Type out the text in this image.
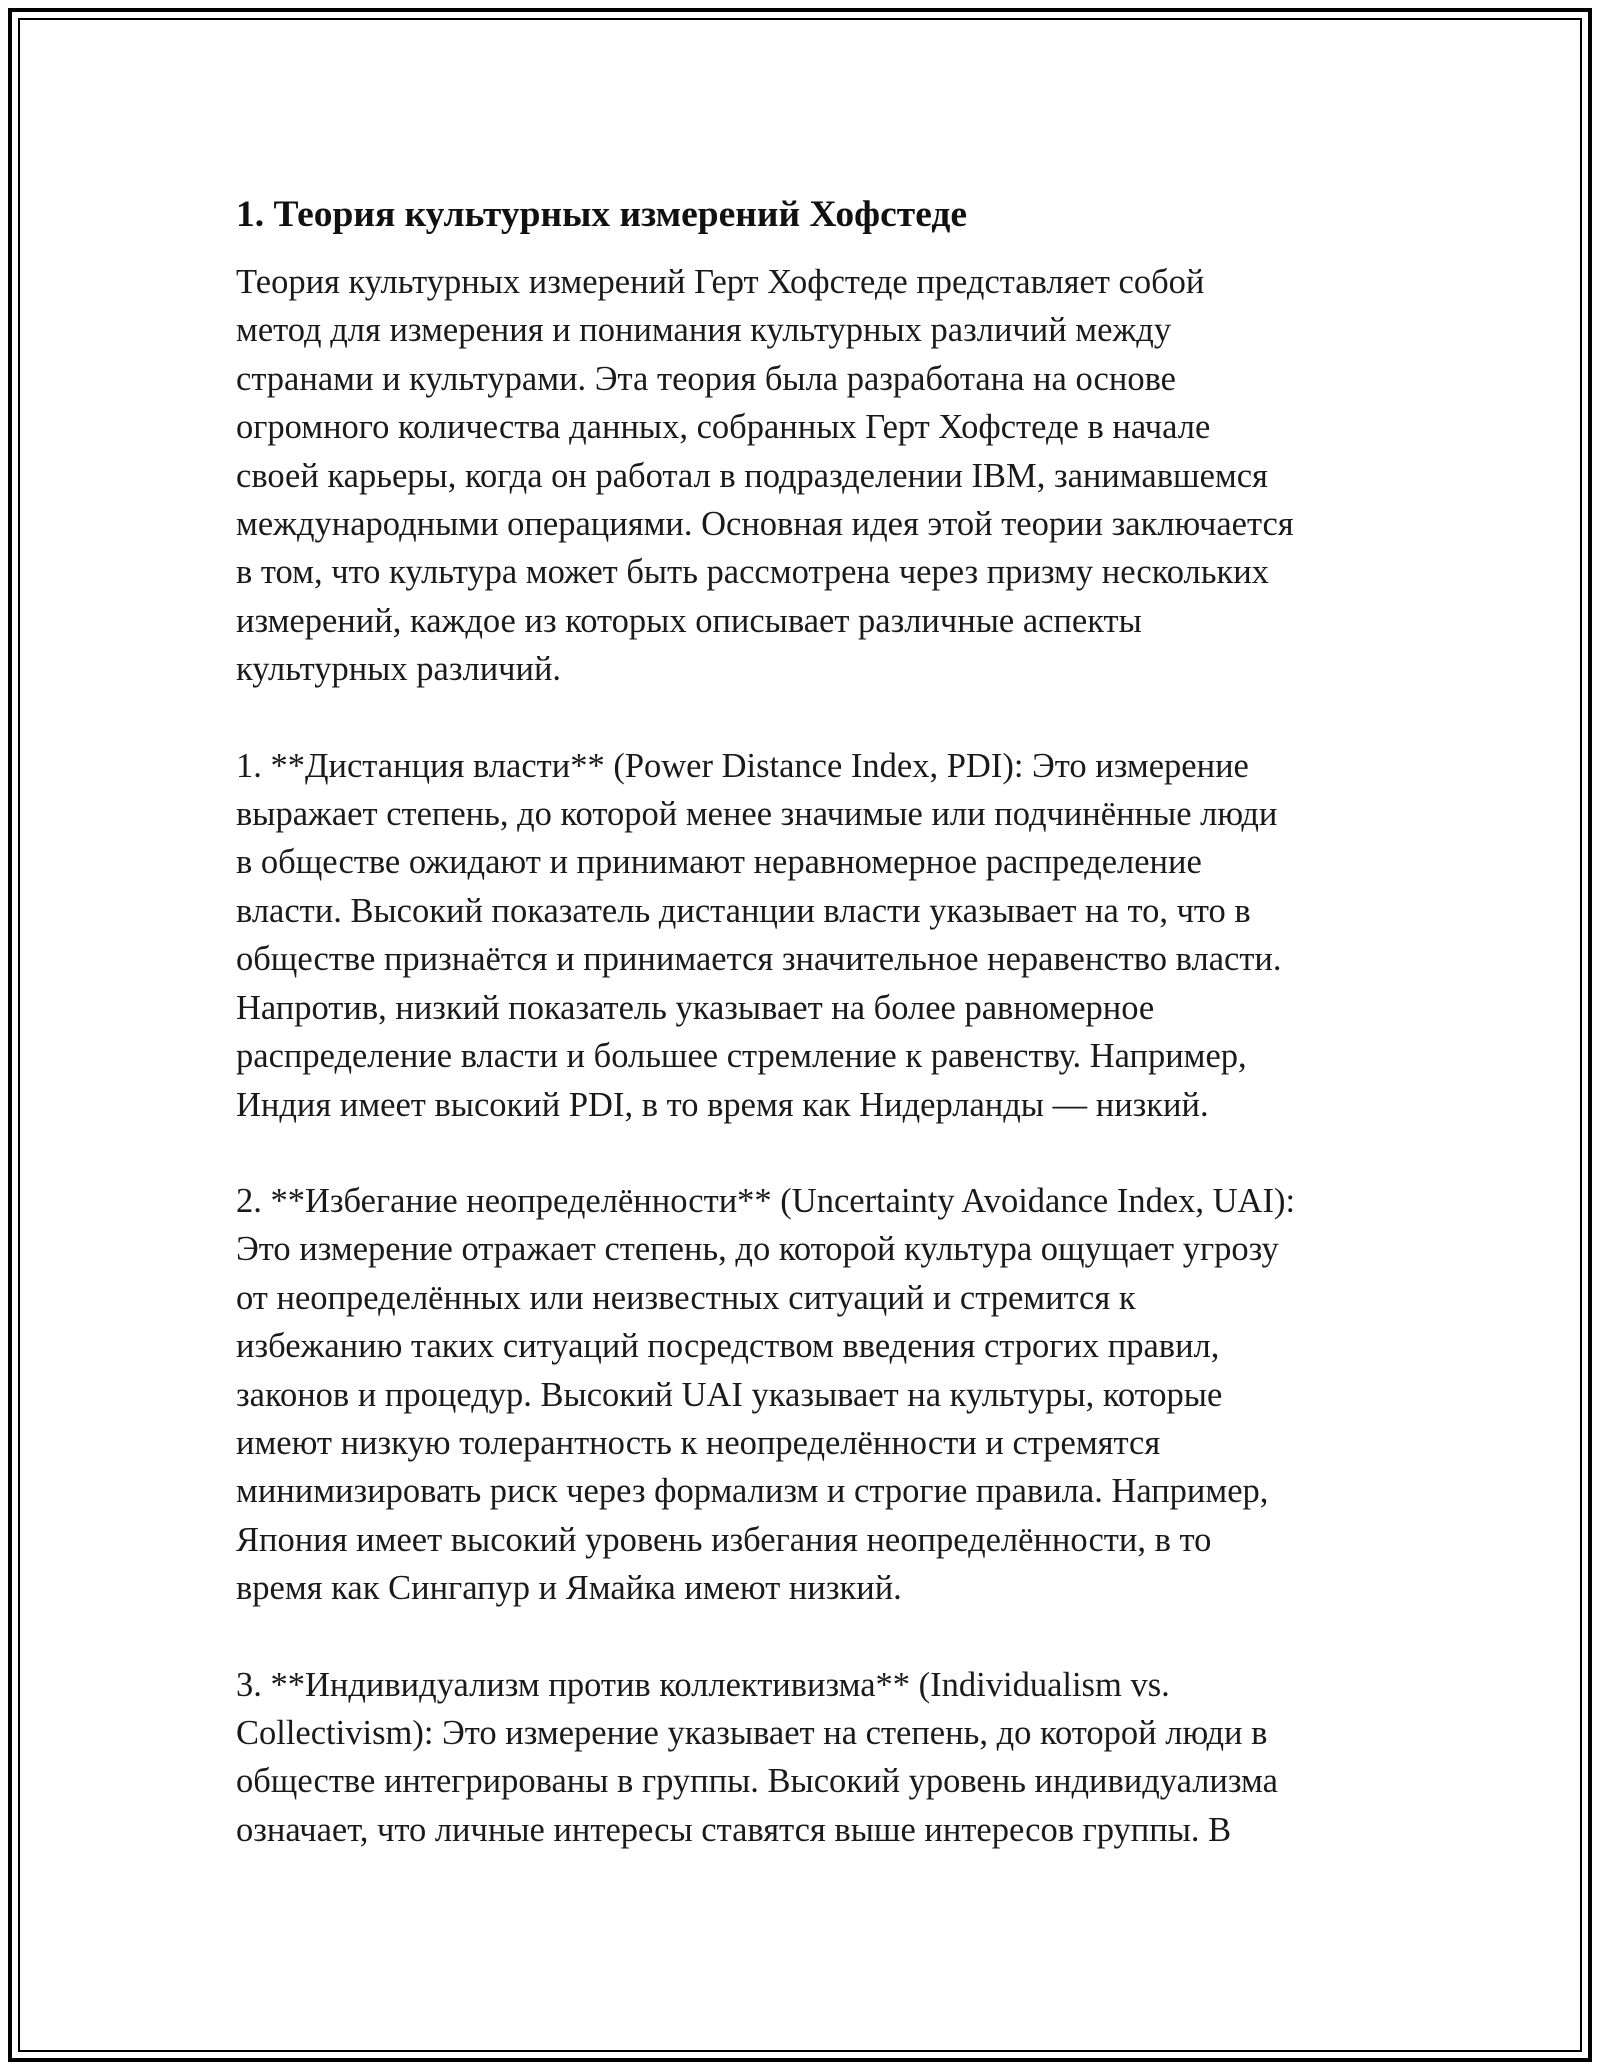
1. Теория культурных измерений Хофстеде

Теория культурных измерений Герт Хофстеде представляет собой
метод для измерения и понимания культурных различий между
странами и культурами. Эта теория была разработана на основе
огромного количества данных, собранных Герт Хофстеде в начале
своей карьеры, когда он работал в подразделении IBM, занимавшемся
международными операциями. Основная идея этой теории заключается
в том, что культура может быть рассмотрена через призму нескольких
измерений, каждое из которых описывает различные аспекты
культурных различий.

1. **Дистанция власти** (Power Distance Index, PDI): Это измерение
выражает степень, до которой менее значимые или подчинённые люди
в обществе ожидают и принимают неравномерное распределение
власти. Высокий показатель дистанции власти указывает на то, что в
обществе признаётся и принимается значительное неравенство власти.
Напротив, низкий показатель указывает на более равномерное
распределение власти и большее стремление к равенству. Например,
Индия имеет высокий PDI, в то время как Нидерланды — низкий.

2. **Избегание неопределённости** (Uncertainty Avoidance Index, UAI):
Это измерение отражает степень, до которой культура ощущает угрозу
от неопределённых или неизвестных ситуаций и стремится к
избежанию таких ситуаций посредством введения строгих правил,
законов и процедур. Высокий UAI указывает на культуры, которые
имеют низкую толерантность к неопределённости и стремятся
минимизировать риск через формализм и строгие правила. Например,
Япония имеет высокий уровень избегания неопределённости, в то
время как Сингапур и Ямайка имеют низкий.

3. **Индивидуализм против коллективизма** (Individualism vs.
Collectivism): Это измерение указывает на степень, до которой люди в
обществе интегрированы в группы. Высокий уровень индивидуализма
означает, что личные интересы ставятся выше интересов группы. В
